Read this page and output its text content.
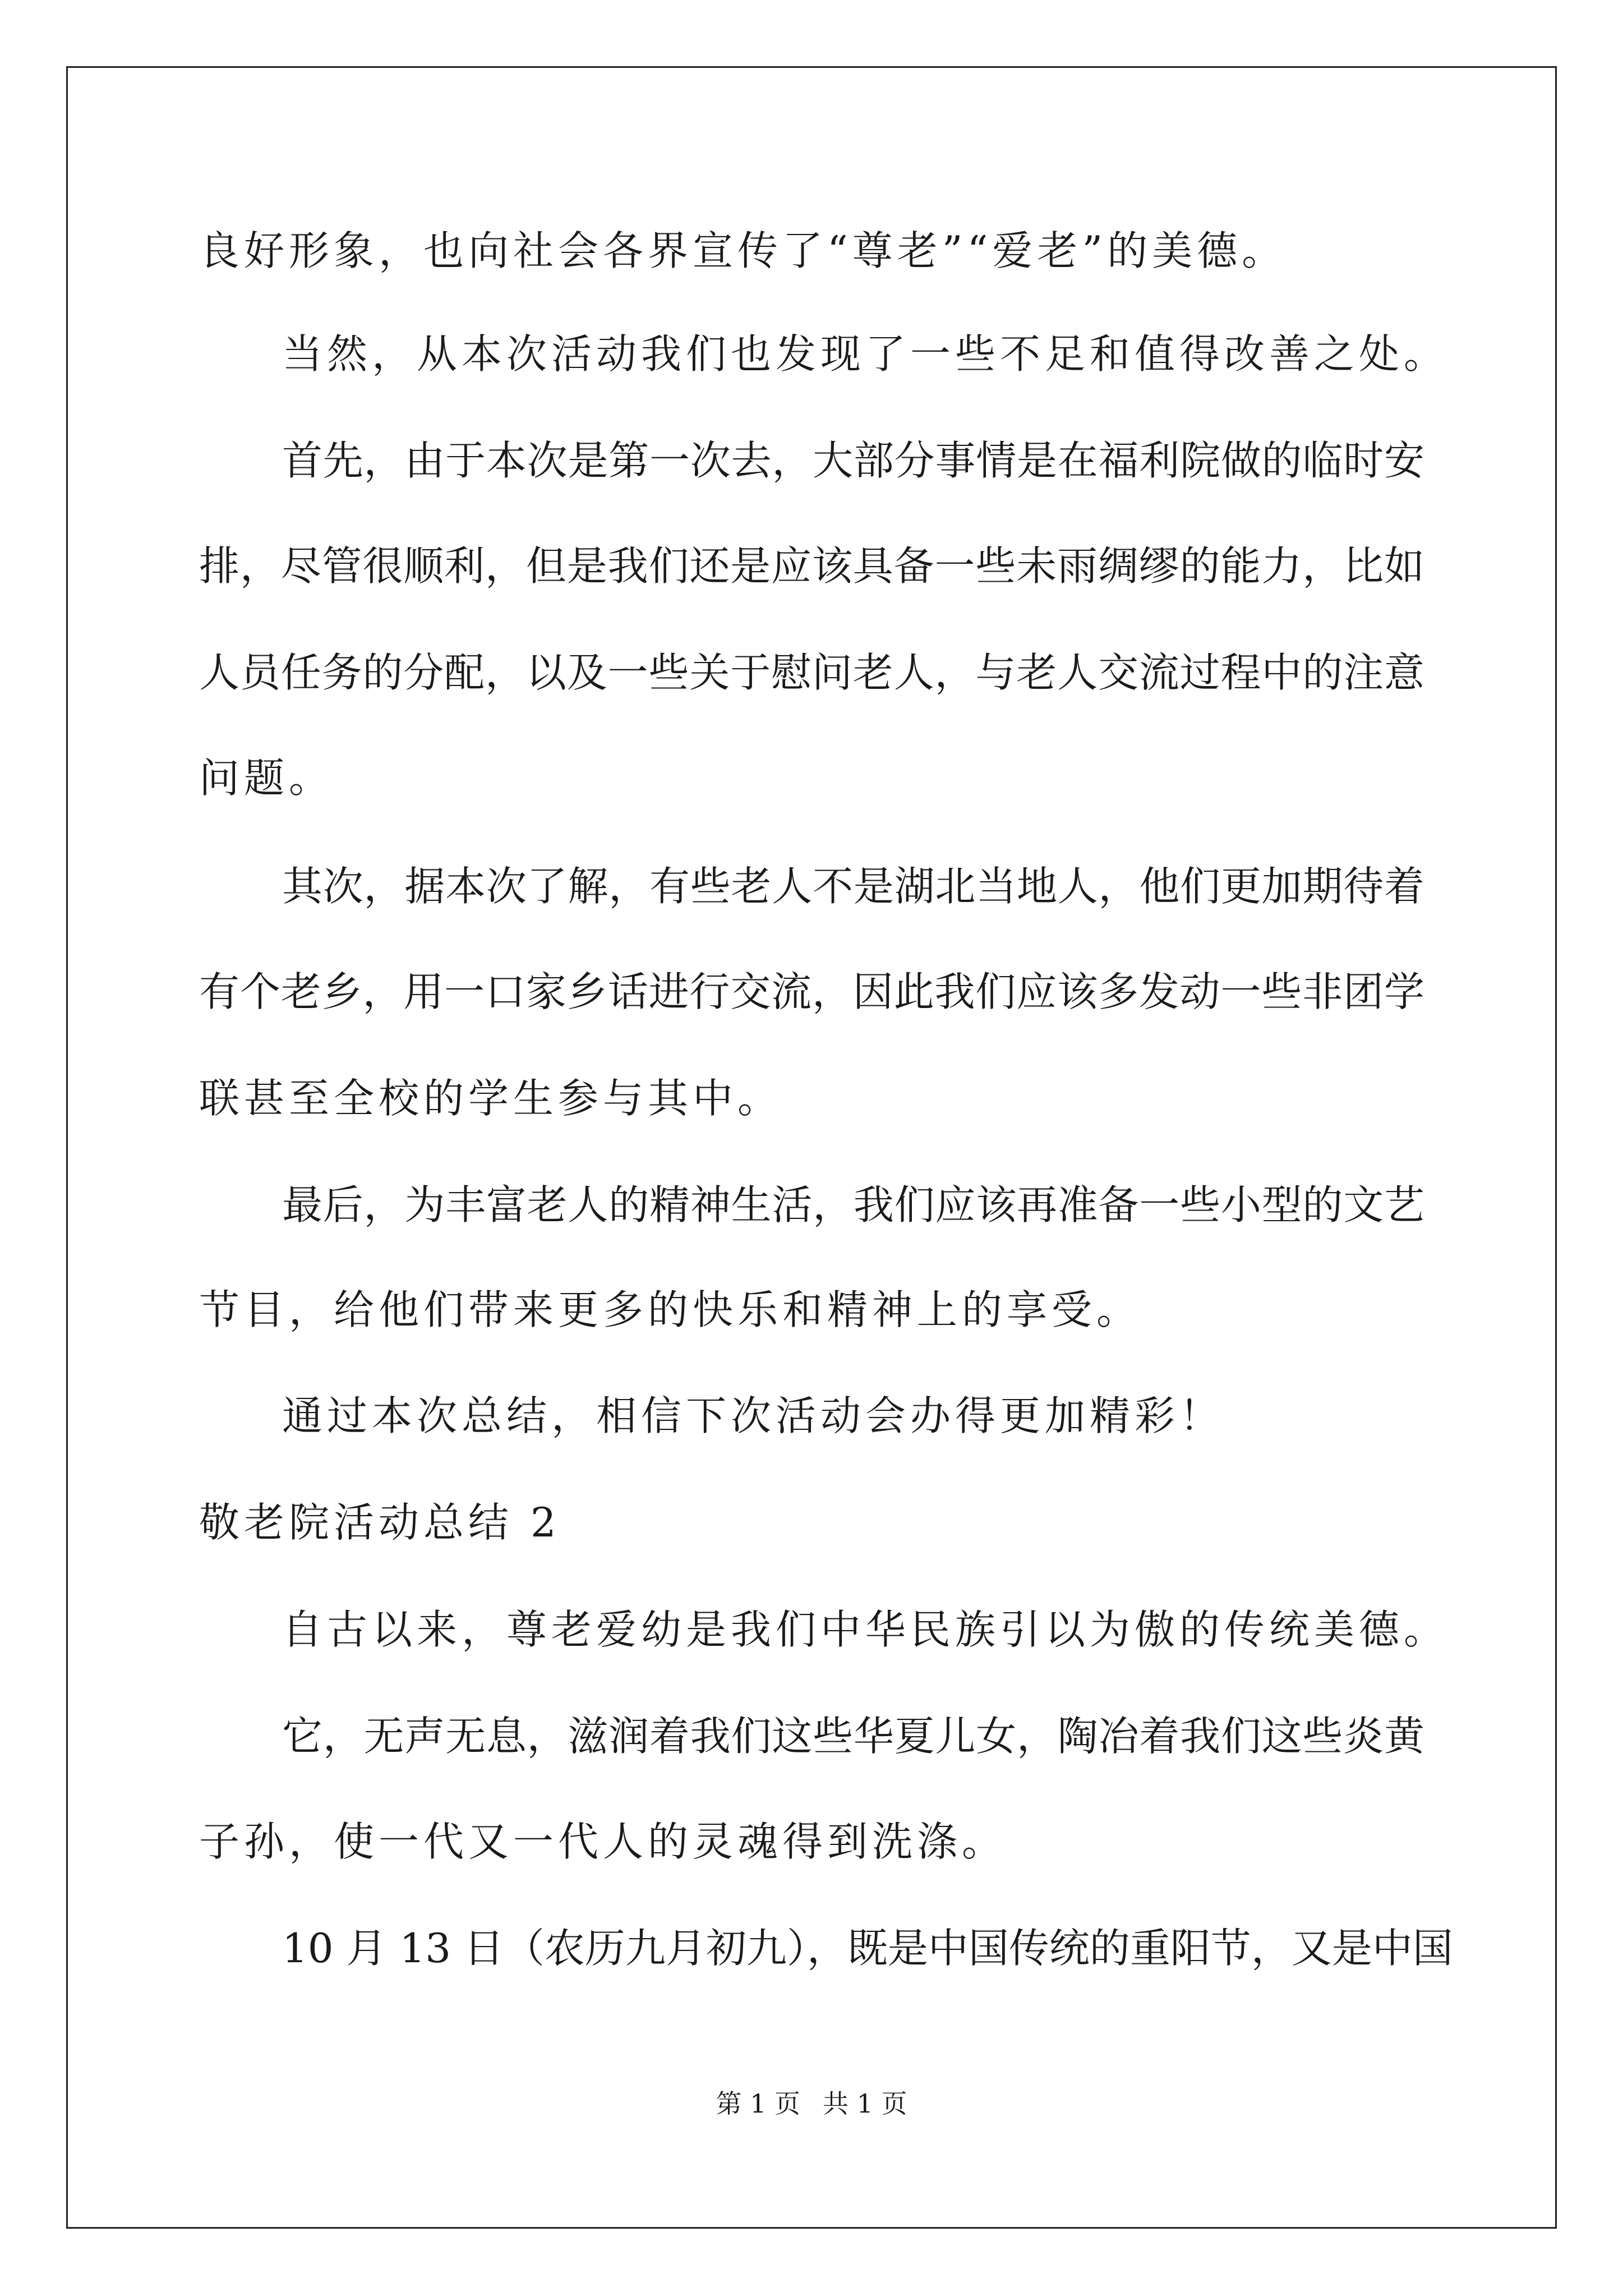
良好形象，也向社会各界宣传了“尊老”“爱老”的美德。
当然，从本次活动我们也发现了一些不足和值得改善之处。
首先，由于本次是第一次去，大部分事情是在福利院做的临时安
排，尽管很顺利，但是我们还是应该具备一些未雨绸缪的能力，比如
人员任务的分配，以及一些关于慰问老人，与老人交流过程中的注意
问题。
其次，据本次了解，有些老人不是湖北当地人，他们更加期待着
有个老乡，用一口家乡话进行交流，因此我们应该多发动一些非团学
联甚至全校的学生参与其中。
最后，为丰富老人的精神生活，我们应该再准备一些小型的文艺
节目，给他们带来更多的快乐和精神上的享受。
通过本次总结，相信下次活动会办得更加精彩！
敬老院活动总结 2
自古以来，尊老爱幼是我们中华民族引以为傲的传统美德。
它，无声无息，滋润着我们这些华夏儿女，陶冶着我们这些炎黄
子孙，使一代又一代人的灵魂得到洗涤。
10 月 13 日（农历九月初九），既是中国传统的重阳节，又是中国
第 1 页 共 1 页
